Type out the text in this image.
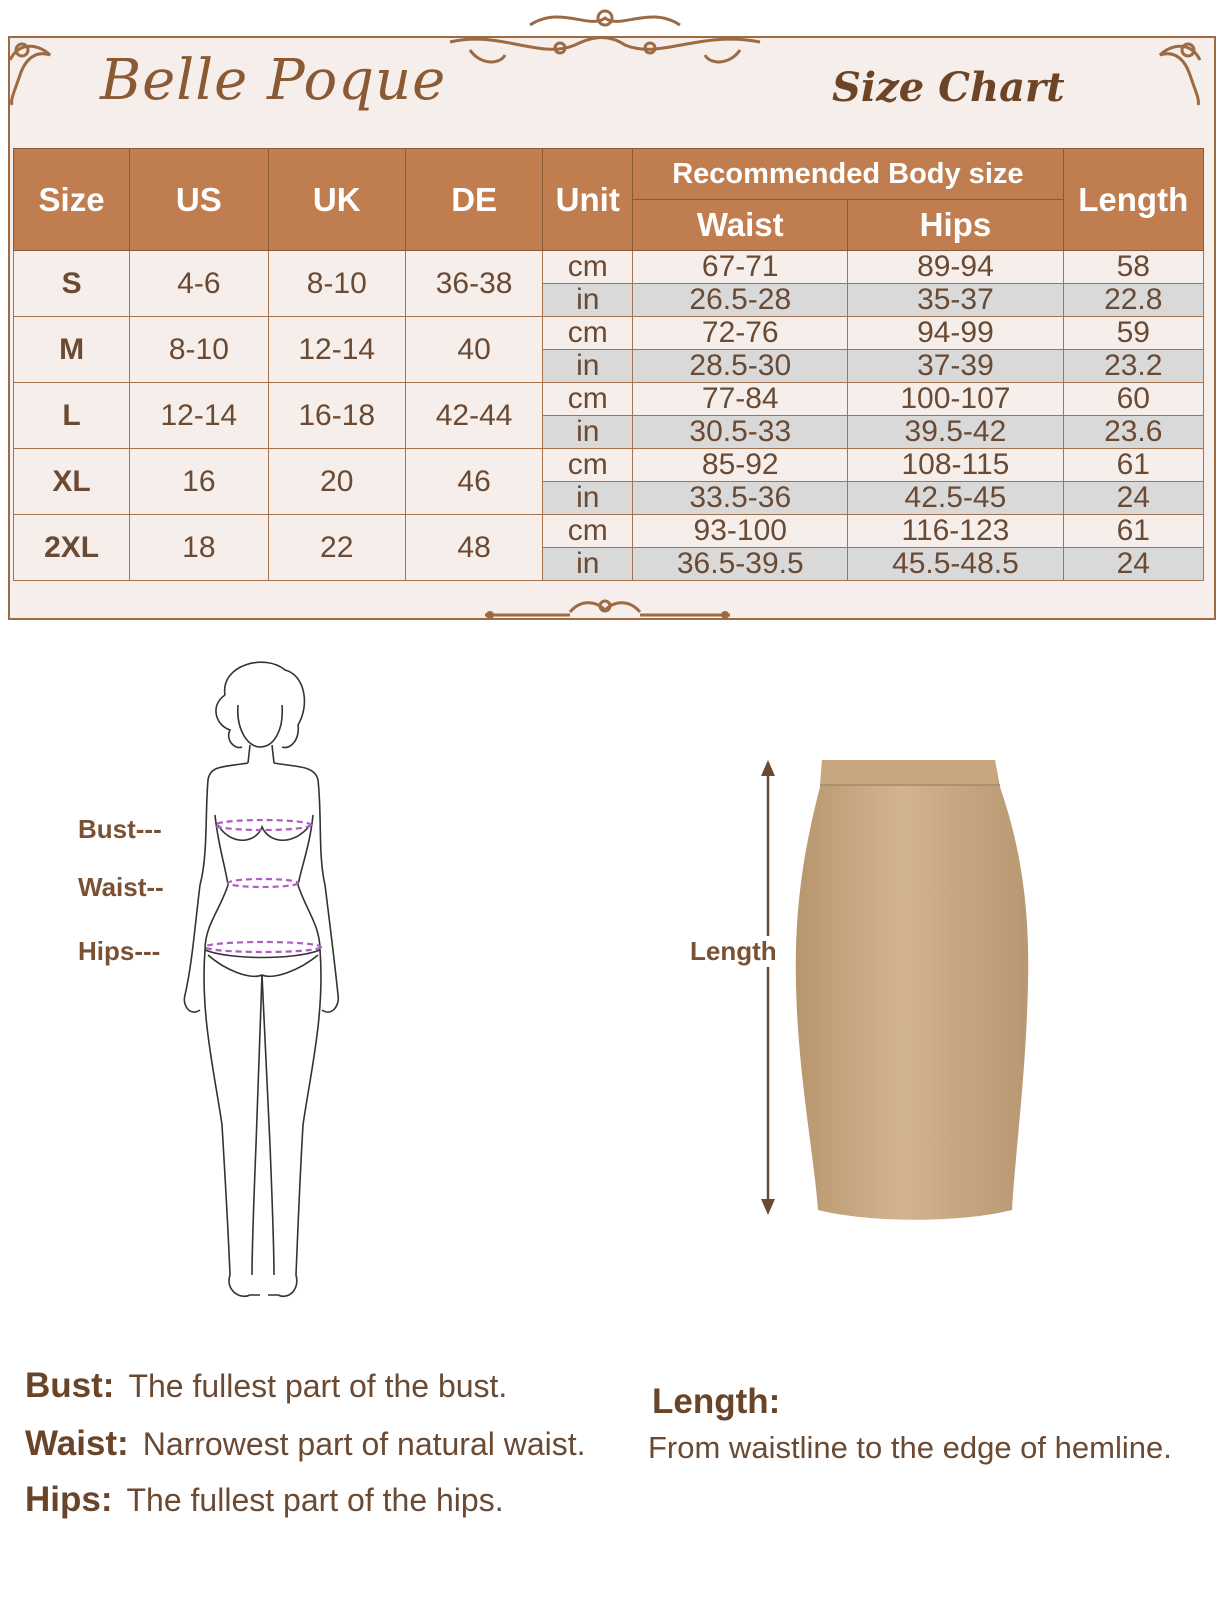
Belle Poque	Size Chart
Size	US	UK	DE	Unit	Recommended Body size		Length
					Waist	Hips	
S	4-6	8-10	36-38	cm	67-71	89-94	58
				in	26.5-28	35-37	22.8
M	8-10	12-14	40	cm	72-76	94-99	59
				in	28.5-30	37-39	23.2
L	12-14	16-18	42-44	cm	77-84	100-107	60
				in	30.5-33	39.5-42	23.6
XL	16	20	46	cm	85-92	108-115	61
				in	33.5-36	42.5-45	24
2XL	18	22	48	cm	93-100	116-123	61
				in	36.5-39.5	45.5-48.5	24
Bust---
Waist--
Hips---	Length
Bust: The fullest part of the bust.
Waist: Narrowest part of natural waist.
Hips: The fullest part of the hips.
Length:
From waistline to the edge of hemline.
